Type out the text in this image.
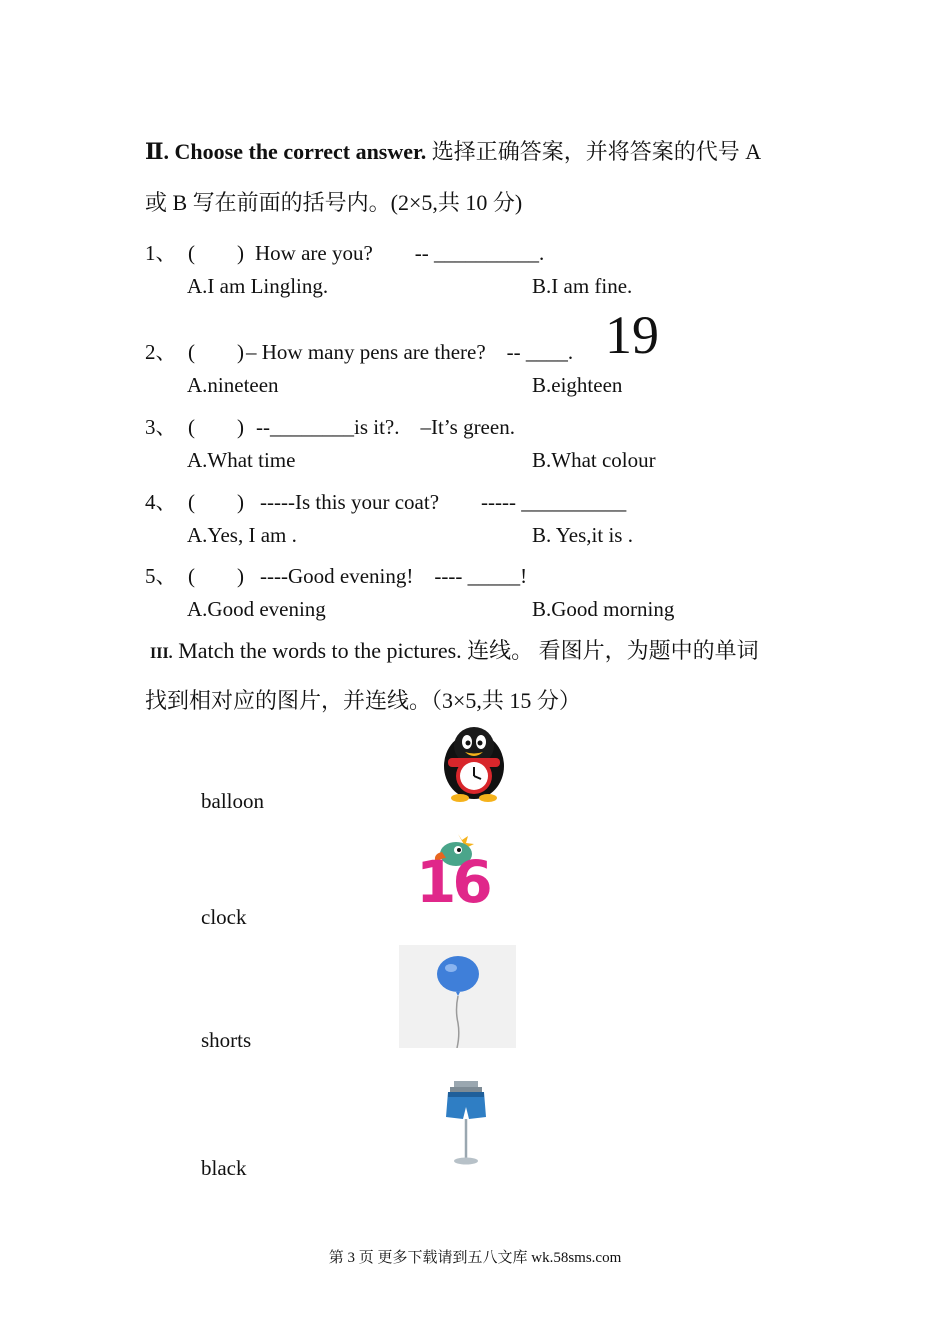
Ⅱ. Choose the correct answer. 选择正确答案，并将答案的代号 A
或 B 写在前面的括号内。(2×5,共 10 分)
1、 (　　) How are you?　　-- __________.
A.I am Lingling.	B.I am fine.
2、 (　　) – How many pens are there?　-- ____. 19
A.nineteen	B.eighteen
3、 (　　) --________is it?.　–It’s green.
A.What time	B.What colour
4、 (　　) -----Is this your coat?　　----- __________
A.Yes, I am .	B. Yes,it is .
5、 (　　) ----Good evening!　---- _____!
A.Good evening	B.Good morning
III. Match the words to the pictures. 连线。 看图片，为题中的单词
找到相对应的图片，并连线。（3×5,共 15 分）
balloon
clock
shorts
black
16
第 3 页 更多下载请到五八文库 wk.58sms.com
